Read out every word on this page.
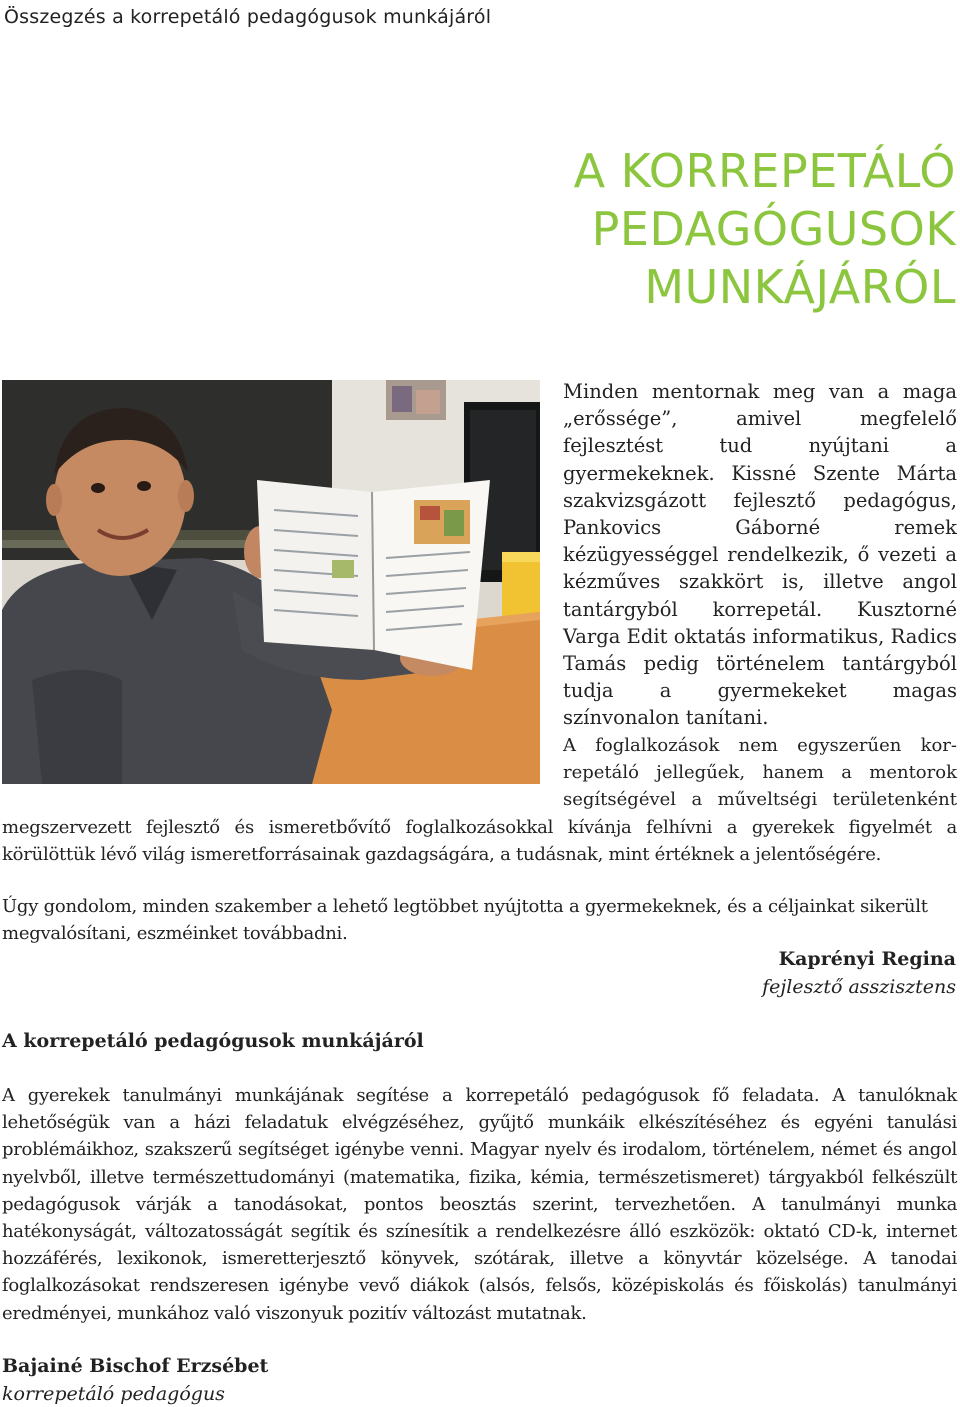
Összegzés a korrepetáló pedagógusok munkájáról
A KORREPETÁLÓ PEDAGÓGUSOK
MUNKÁJÁRÓL

Minden mentornak meg van a maga „erőssége”, amivel megfelelő fejlesztést tud nyújtani a gyermekeknek. Kissné Szente Márta szakvizsgázott fejlesztő pedagógus, Pankovics Gáborné remek kézügyességgel rendelkezik, ő vezeti a kézműves szakkört is, illetve angol tantárgyból korrepetál. Kusztorné Varga Edit oktatás informatikus, Radics Tamás pedig történelem tantárgyból tudja a gyermekeket magas színvonalon tanítani.

A foglalkozások nem egyszerűen kor-
repetáló jellegűek, hanem a mentorok
segítségével a műveltségi területenként
megszervezett fejlesztő és ismeretbővítő foglalkozásokkal kívánja felhívni a gyerekek figyelmét a
körülöttük lévő világ ismeretforrásainak gazdagságára, a tudásnak, mint értéknek a jelentőségére.

Úgy gondolom, minden szakember a lehető legtöbbet nyújtotta a gyermekeknek, és a céljainkat sikerült megvalósítani, eszméinket továbbadni.

Kaprényi Regina
fejlesztő asszisztens
A korrepetáló pedagógusok munkájáról

A gyerekek tanulmányi munkájának segítése a korrepetáló pedagógusok fő feladata. A tanulóknak lehetőségük van a házi feladatuk elvégzéséhez, gyűjtő munkáik elkészítéséhez és egyéni tanulási problémáikhoz, szakszerű segítséget igénybe venni. Magyar nyelv és irodalom, történelem, német és angol nyelvből, illetve természettudományi (matematika, fizika, kémia, természetismeret) tárgyakból felkészült pedagógusok várják a tanodásokat, pontos beosztás szerint, tervezhetően. A tanulmányi munka hatékonyságát, változatosságát segítik és színesítik a rendelkezésre álló eszközök: oktató CD-k, internet hozzáférés, lexikonok, ismeretterjesztő könyvek, szótárak, illetve a könyvtár közelsége. A tanodai foglalkozásokat rendszeresen igénybe vevő diákok (alsós, felsős, középiskolás és főiskolás) tanulmányi eredményei, munkához való viszonyuk pozitív változást mutatnak.

Bajainé Bischof Erzsébet
korrepetáló pedagógus
